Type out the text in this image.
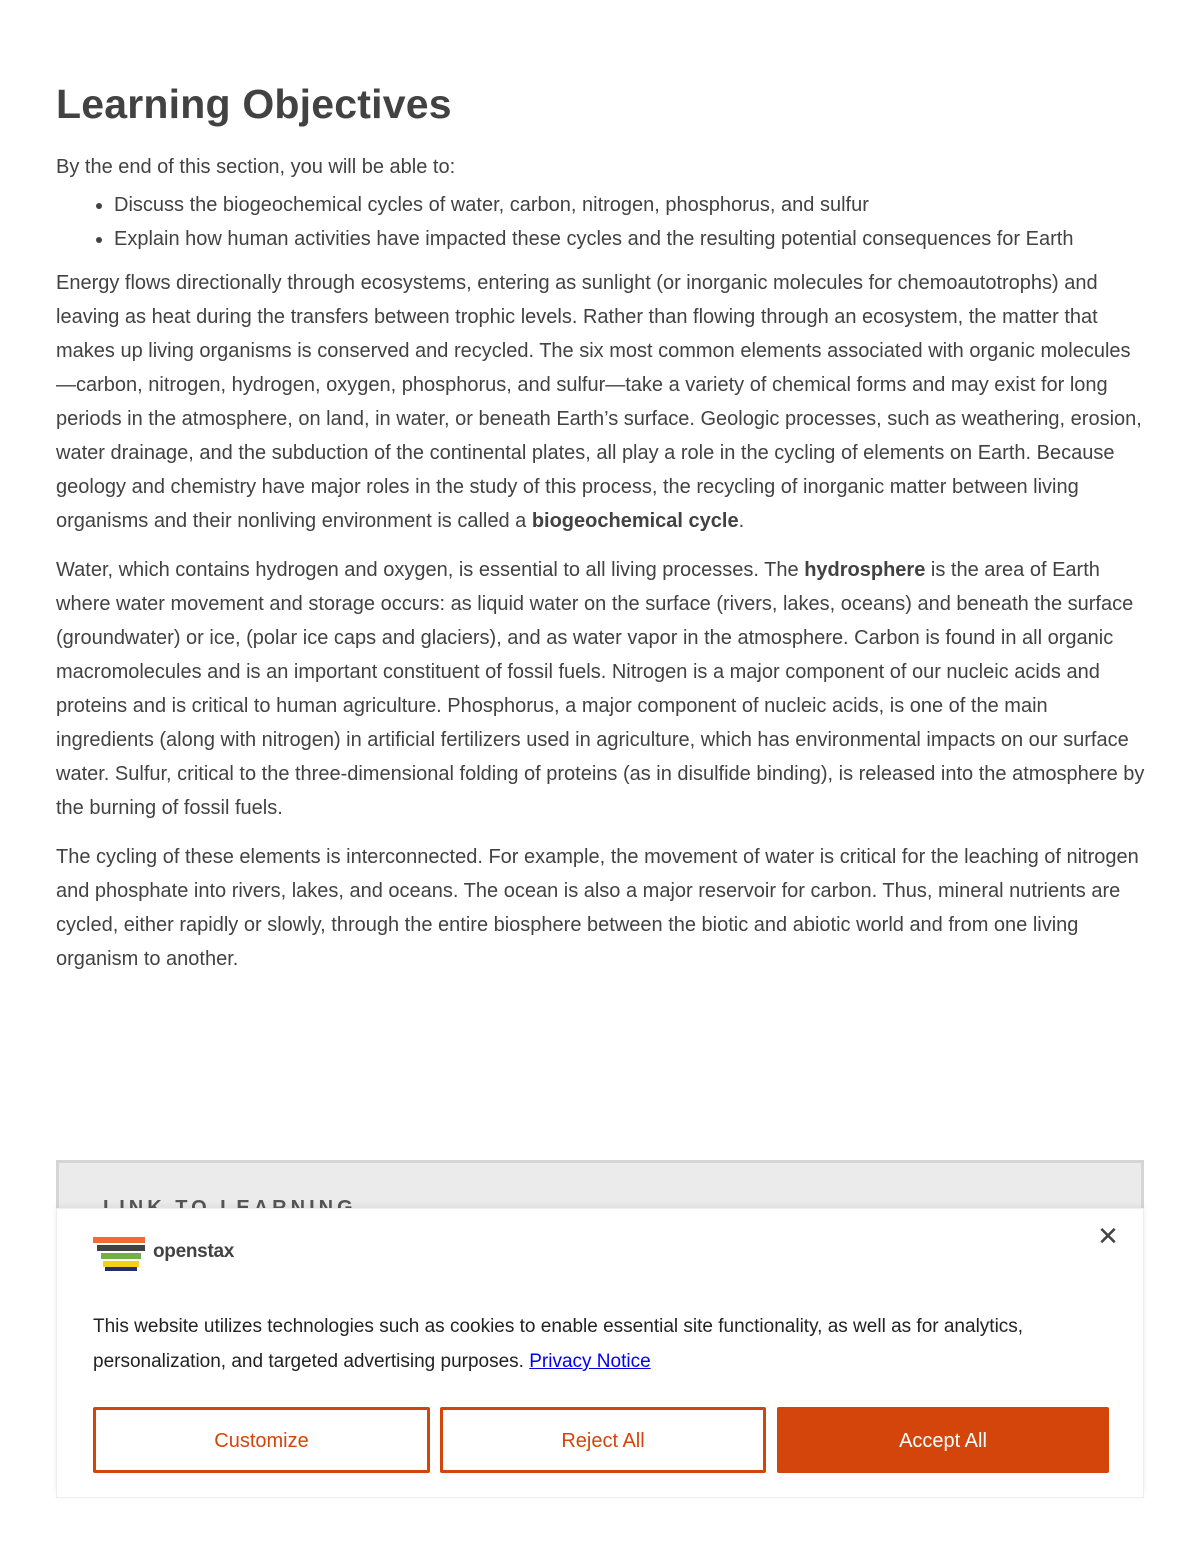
Learning Objectives

By the end of this section, you will be able to:

• Discuss the biogeochemical cycles of water, carbon, nitrogen, phosphorus, and sulfur
• Explain how human activities have impacted these cycles and the resulting potential consequences for Earth

Energy flows directionally through ecosystems, entering as sunlight (or inorganic molecules for chemoautotrophs) and leaving as heat during the transfers between trophic levels. Rather than flowing through an ecosystem, the matter that makes up living organisms is conserved and recycled. The six most common elements associated with organic molecules—carbon, nitrogen, hydrogen, oxygen, phosphorus, and sulfur—take a variety of chemical forms and may exist for long periods in the atmosphere, on land, in water, or beneath Earth’s surface. Geologic processes, such as weathering, erosion, water drainage, and the subduction of the continental plates, all play a role in the cycling of elements on Earth. Because geology and chemistry have major roles in the study of this process, the recycling of inorganic matter between living organisms and their nonliving environment is called a biogeochemical cycle.

Water, which contains hydrogen and oxygen, is essential to all living processes. The hydrosphere is the area of Earth where water movement and storage occurs: as liquid water on the surface (rivers, lakes, oceans) and beneath the surface (groundwater) or ice, (polar ice caps and glaciers), and as water vapor in the atmosphere. Carbon is found in all organic macromolecules and is an important constituent of fossil fuels. Nitrogen is a major component of our nucleic acids and proteins and is critical to human agriculture. Phosphorus, a major component of nucleic acids, is one of the main ingredients (along with nitrogen) in artificial fertilizers used in agriculture, which has environmental impacts on our surface water. Sulfur, critical to the three-dimensional folding of proteins (as in disulfide binding), is released into the atmosphere by the burning of fossil fuels.

The cycling of these elements is interconnected. For example, the movement of water is critical for the leaching of nitrogen and phosphate into rivers, lakes, and oceans. The ocean is also a major reservoir for carbon. Thus, mineral nutrients are cycled, either rapidly or slowly, through the entire biosphere between the biotic and abiotic world and from one living organism to another.

openstax
✕
This website utilizes technologies such as cookies to enable essential site functionality, as well as for analytics, personalization, and targeted advertising purposes. Privacy Notice
Customize	Reject All	Accept All
